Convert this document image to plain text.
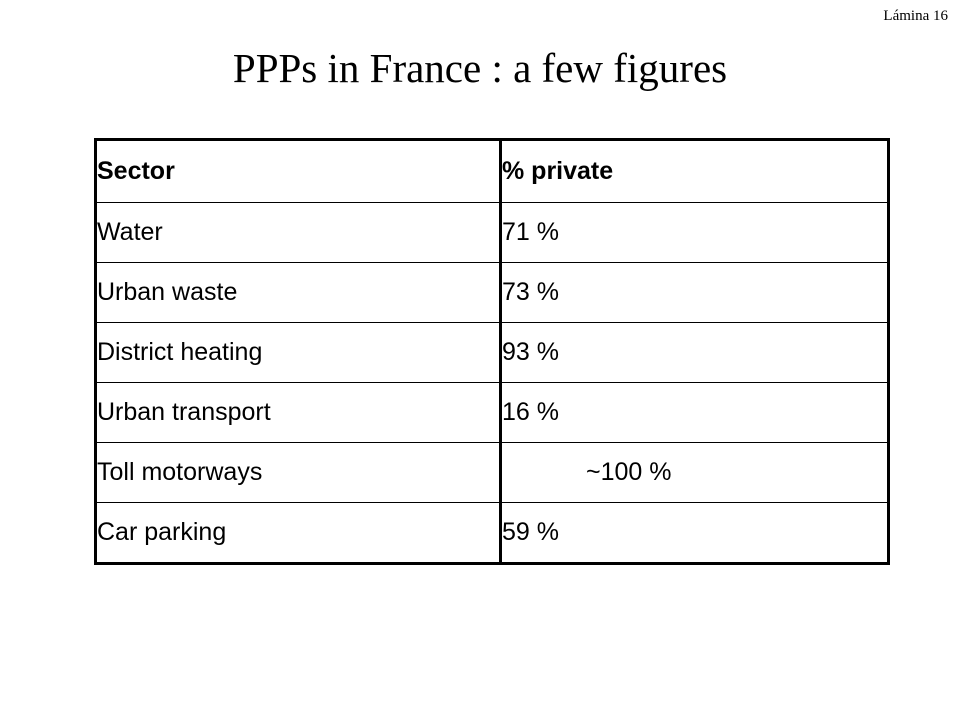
Lámina 16
PPPs in France : a few figures
Sector	% private
Water	71 %
Urban waste	73 %
District heating	93 %
Urban transport	16 %
Toll motorways	~100 %
Car parking	59 %
